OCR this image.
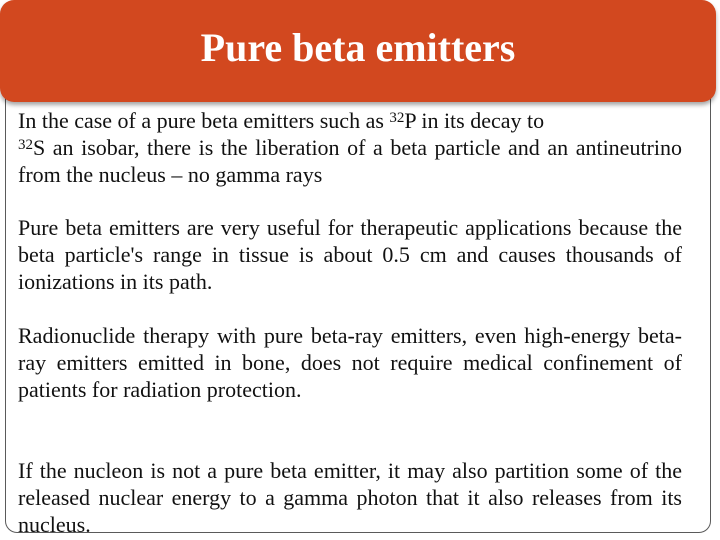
Pure beta emitters

In the case of a pure beta emitters such as $^{32}$P in its decay to
$^{32}$S an isobar, there is the liberation of a beta particle and an antineutrino from the nucleus – no gamma rays

Pure beta emitters are very useful for therapeutic applications because the beta particle's range in tissue is about 0.5 cm and causes thousands of ionizations in its path.

Radionuclide therapy with pure beta-ray emitters, even high-energy beta-ray emitters emitted in bone, does not require medical confinement of patients for radiation protection.

If the nucleon is not a pure beta emitter, it may also partition some of the released nuclear energy to a gamma photon that it also releases from its nucleus.
